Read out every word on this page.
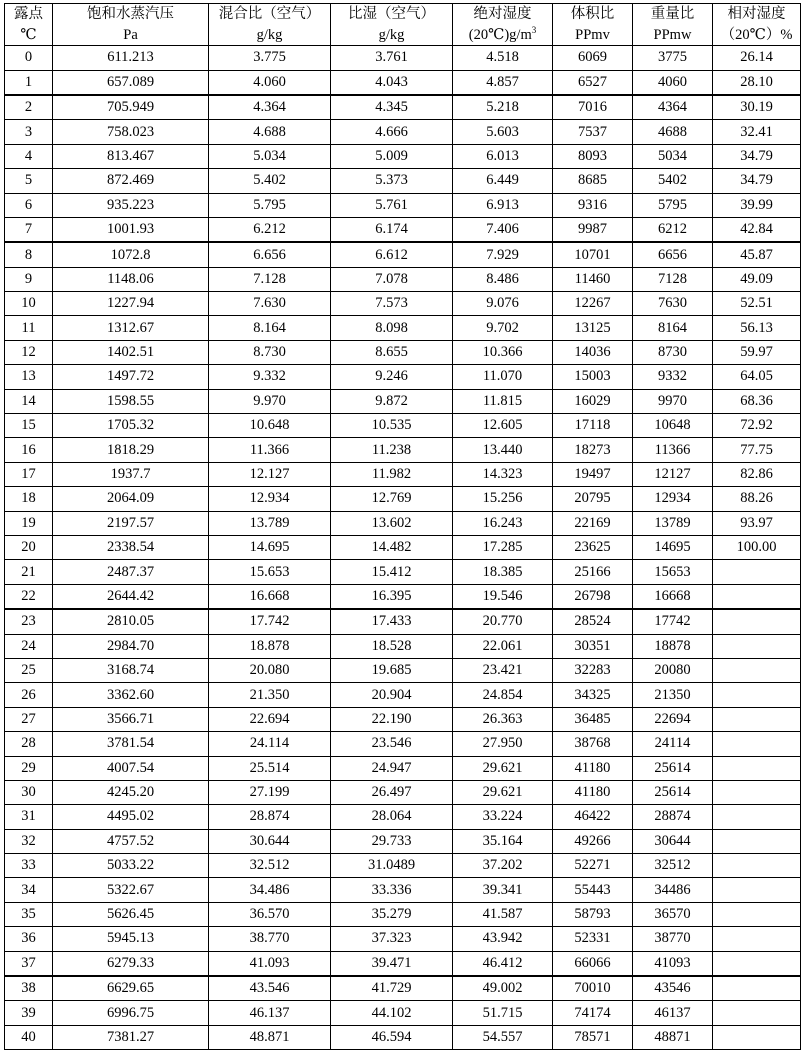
露点	饱和水蒸汽压	混合比（空气）	比湿（空气）	绝对湿度	体积比	重量比	相对湿度
℃	Pa	g/kg	g/kg	$(20℃)g/m^3$	PPmv	PPmw	（20℃）%
0	611.213	3.775	3.761	4.518	6069	3775	26.14
1	657.089	4.060	4.043	4.857	6527	4060	28.10
2	705.949	4.364	4.345	5.218	7016	4364	30.19
3	758.023	4.688	4.666	5.603	7537	4688	32.41
4	813.467	5.034	5.009	6.013	8093	5034	34.79
5	872.469	5.402	5.373	6.449	8685	5402	34.79
6	935.223	5.795	5.761	6.913	9316	5795	39.99
7	1001.93	6.212	6.174	7.406	9987	6212	42.84
8	1072.8	6.656	6.612	7.929	10701	6656	45.87
9	1148.06	7.128	7.078	8.486	11460	7128	49.09
10	1227.94	7.630	7.573	9.076	12267	7630	52.51
11	1312.67	8.164	8.098	9.702	13125	8164	56.13
12	1402.51	8.730	8.655	10.366	14036	8730	59.97
13	1497.72	9.332	9.246	11.070	15003	9332	64.05
14	1598.55	9.970	9.872	11.815	16029	9970	68.36
15	1705.32	10.648	10.535	12.605	17118	10648	72.92
16	1818.29	11.366	11.238	13.440	18273	11366	77.75
17	1937.7	12.127	11.982	14.323	19497	12127	82.86
18	2064.09	12.934	12.769	15.256	20795	12934	88.26
19	2197.57	13.789	13.602	16.243	22169	13789	93.97
20	2338.54	14.695	14.482	17.285	23625	14695	100.00
21	2487.37	15.653	15.412	18.385	25166	15653	
22	2644.42	16.668	16.395	19.546	26798	16668	
23	2810.05	17.742	17.433	20.770	28524	17742	
24	2984.70	18.878	18.528	22.061	30351	18878	
25	3168.74	20.080	19.685	23.421	32283	20080	
26	3362.60	21.350	20.904	24.854	34325	21350	
27	3566.71	22.694	22.190	26.363	36485	22694	
28	3781.54	24.114	23.546	27.950	38768	24114	
29	4007.54	25.514	24.947	29.621	41180	25614	
30	4245.20	27.199	26.497	29.621	41180	25614	
31	4495.02	28.874	28.064	33.224	46422	28874	
32	4757.52	30.644	29.733	35.164	49266	30644	
33	5033.22	32.512	31.0489	37.202	52271	32512	
34	5322.67	34.486	33.336	39.341	55443	34486	
35	5626.45	36.570	35.279	41.587	58793	36570	
36	5945.13	38.770	37.323	43.942	52331	38770	
37	6279.33	41.093	39.471	46.412	66066	41093	
38	6629.65	43.546	41.729	49.002	70010	43546	
39	6996.75	46.137	44.102	51.715	74174	46137	
40	7381.27	48.871	46.594	54.557	78571	48871	
